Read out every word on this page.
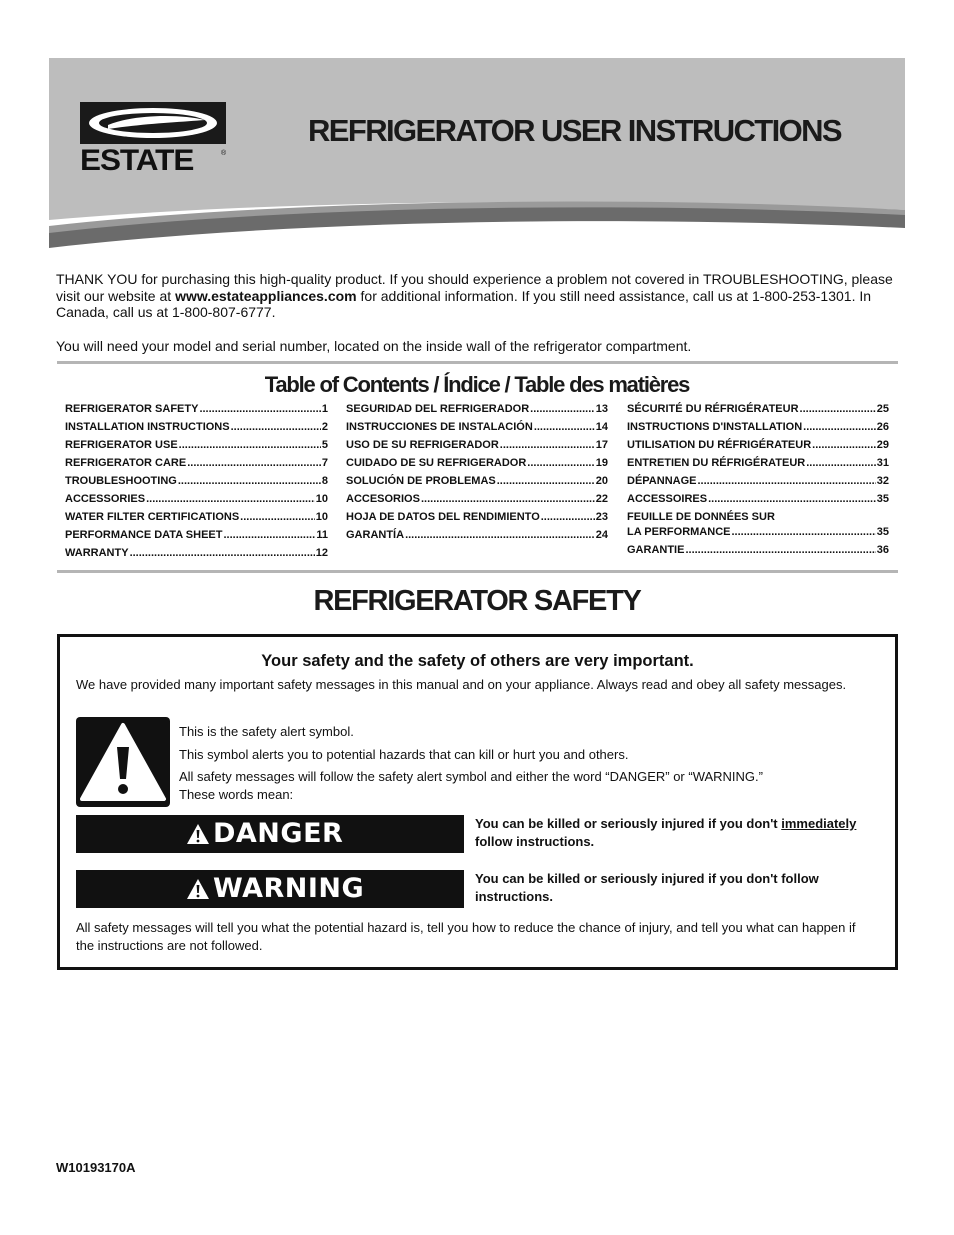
ESTATE	®
REFRIGERATOR USER INSTRUCTIONS

THANK YOU for purchasing this high-quality product. If you should experience a problem not covered in TROUBLESHOOTING, please visit our website at www.estateappliances.com for additional information. If you still need assistance, call us at 1-800-253-1301. In Canada, call us at 1-800-807-6777.

You will need your model and serial number, located on the inside wall of the refrigerator compartment.

Table of Contents / Índice / Table des matières
REFRIGERATOR SAFETY .....	1
INSTALLATION INSTRUCTIONS .....	2
REFRIGERATOR USE .....	5
REFRIGERATOR CARE .....	7
TROUBLESHOOTING .....	8
ACCESSORIES .....	10
WATER FILTER CERTIFICATIONS .....	10
PERFORMANCE DATA SHEET .....	11
WARRANTY .....	12
SEGURIDAD DEL REFRIGERADOR .....	13
INSTRUCCIONES DE INSTALACIÓN .....	14
USO DE SU REFRIGERADOR .....	17
CUIDADO DE SU REFRIGERADOR .....	19
SOLUCIÓN DE PROBLEMAS .....	20
ACCESORIOS .....	22
HOJA DE DATOS DEL RENDIMIENTO .....	23
GARANTÍA .....	24
SÉCURITÉ DU RÉFRIGÉRATEUR .....	25
INSTRUCTIONS D'INSTALLATION .....	26
UTILISATION DU RÉFRIGÉRATEUR .....	29
ENTRETIEN DU RÉFRIGÉRATEUR .....	31
DÉPANNAGE .....	32
ACCESSOIRES .....	35
FEUILLE DE DONNÉES SUR
LA PERFORMANCE .....	35
GARANTIE .....	36
REFRIGERATOR SAFETY
Your safety and the safety of others are very important.
We have provided many important safety messages in this manual and on your appliance. Always read and obey all safety messages.
This is the safety alert symbol.
This symbol alerts you to potential hazards that can kill or hurt you and others.
All safety messages will follow the safety alert symbol and either the word “DANGER” or “WARNING.”
These words mean:
DANGER	You can be killed or seriously injured if you don't immediately
follow instructions.
WARNING	You can be killed or seriously injured if you don't follow instructions.
All safety messages will tell you what the potential hazard is, tell you how to reduce the chance of injury, and tell you what can happen if the instructions are not followed.
W10193170A
